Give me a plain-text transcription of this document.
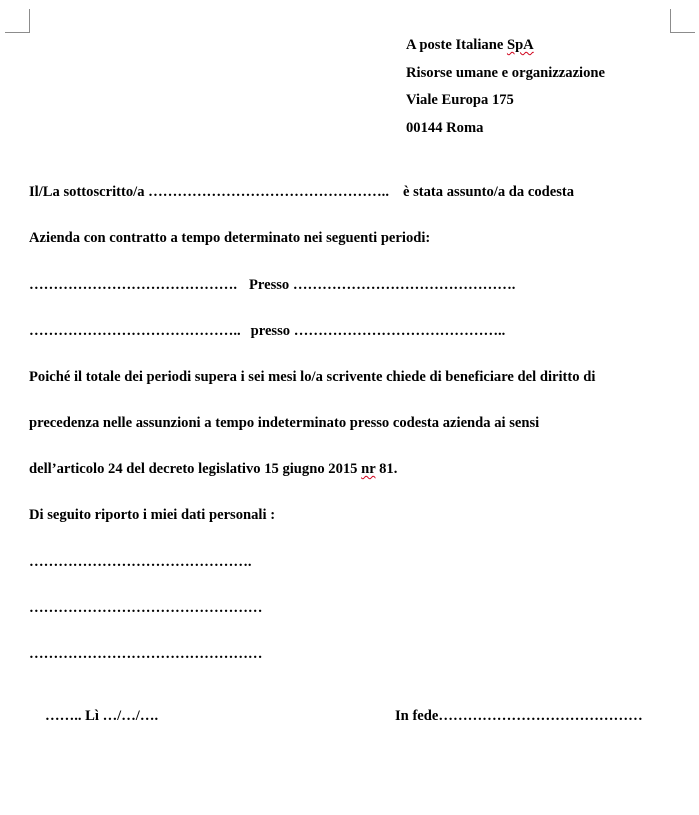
A poste Italiane SpA
Risorse umane e organizzazione
Viale Europa 175
00144 Roma
Il/La sottoscritto/a ………………………………………….. è stata assunto/a da codesta
Azienda con contratto a tempo determinato nei seguenti periodi:
……………………………………. Presso ……………………………………….
…………………………………….. presso ……………………………………..
Poiché il totale dei periodi supera i sei mesi lo/a scrivente chiede di beneficiare del diritto di
precedenza nelle assunzioni a tempo indeterminato presso codesta azienda ai sensi
dell’articolo 24 del decreto legislativo 15 giugno 2015 nr 81.
Di seguito riporto i miei dati personali :
……………………………………….
…………………………………………
…………………………………………
…….. Lì …/…/….	In fede……………………………………
